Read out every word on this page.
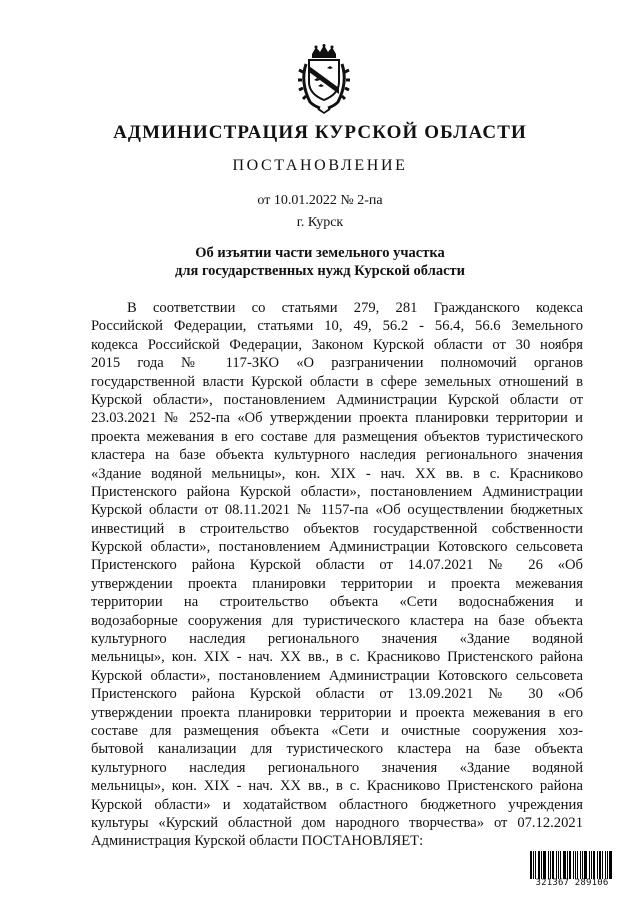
АДМИНИСТРАЦИЯ КУРСКОЙ ОБЛАСТИ
ПОСТАНОВЛЕНИЕ
от 10.01.2022 № 2-па
г. Курск
Об изъятии части земельного участка
для государственных нужд Курской области
В соответствии со статьями 279, 281 Гражданского кодекса
Российской Федерации, статьями 10, 49, 56.2 - 56.4, 56.6 Земельного
кодекса Российской Федерации, Законом Курской области от 30 ноября
2015 года № 117-ЗКО «О разграничении полномочий органов
государственной власти Курской области в сфере земельных отношений в
Курской области», постановлением Администрации Курской области от
23.03.2021 № 252-па «Об утверждении проекта планировки территории и
проекта межевания в его составе для размещения объектов туристического
кластера на базе объекта культурного наследия регионального значения
«Здание водяной мельницы», кон. XIX - нач. XX вв. в с. Красниково
Пристенского района Курской области», постановлением Администрации
Курской области от 08.11.2021 № 1157-па «Об осуществлении бюджетных
инвестиций в строительство объектов государственной собственности
Курской области», постановлением Администрации Котовского сельсовета
Пристенского района Курской области от 14.07.2021 № 26 «Об
утверждении проекта планировки территории и проекта межевания
территории на строительство объекта «Сети водоснабжения и
водозаборные сооружения для туристического кластера на базе объекта
культурного наследия регионального значения «Здание водяной
мельницы», кон. XIX - нач. XX вв., в с. Красниково Пристенского района
Курской области», постановлением Администрации Котовского сельсовета
Пристенского района Курской области от 13.09.2021 № 30 «Об
утверждении проекта планировки территории и проекта межевания в его
составе для размещения объекта «Сети и очистные сооружения хоз-
бытовой канализации для туристического кластера на базе объекта
культурного наследия регионального значения «Здание водяной
мельницы», кон. XIX - нач. XX вв., в с. Красниково Пристенского района
Курской области» и ходатайством областного бюджетного учреждения
культуры «Курский областной дом народного творчества» от 07.12.2021
Администрация Курской области ПОСТАНОВЛЯЕТ:
321367 289106
